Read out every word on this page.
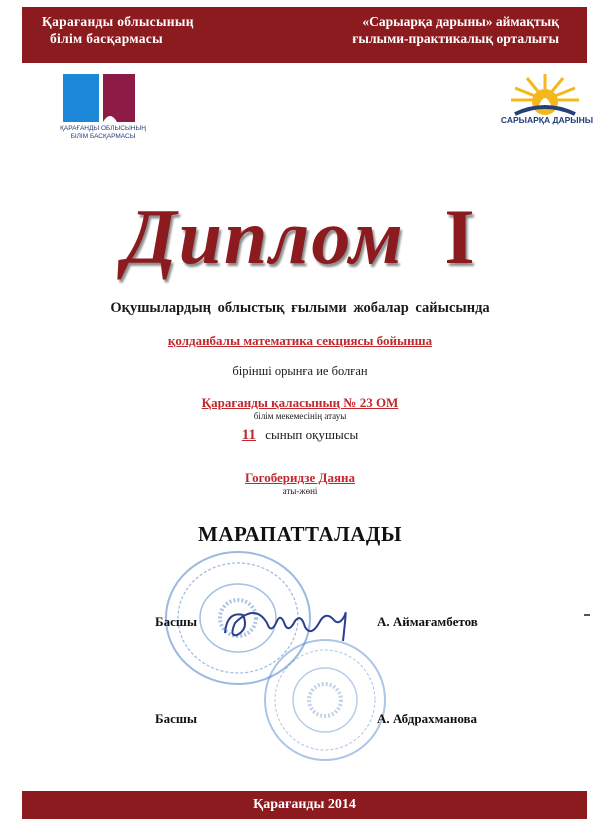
Қарағанды облысының
білім басқармасы
«Сарыарқа дарыны» аймақтық
ғылыми-практикалық орталығы
ҚАРАҒАНДЫ ОБЛЫСЫНЫҢ
БІЛІМ БАСҚАРМАСЫ
САРЫАРҚА ДАРЫНЫ
Диплом I
Оқушылардың облыстық ғылыми жобалар сайысында
қолданбалы математика секциясы бойынша
бірінші орынға ие болған
Қарағанды қаласының № 23 ОМ
білім мекемесінің атауы
11 сынып оқушысы
Гогоберидзе Даяна
аты-жөні
МАРАПАТТАЛАДЫ
Басшы	А. Аймағамбетов
Басшы	А. Абдрахманова
Қарағанды 2014
